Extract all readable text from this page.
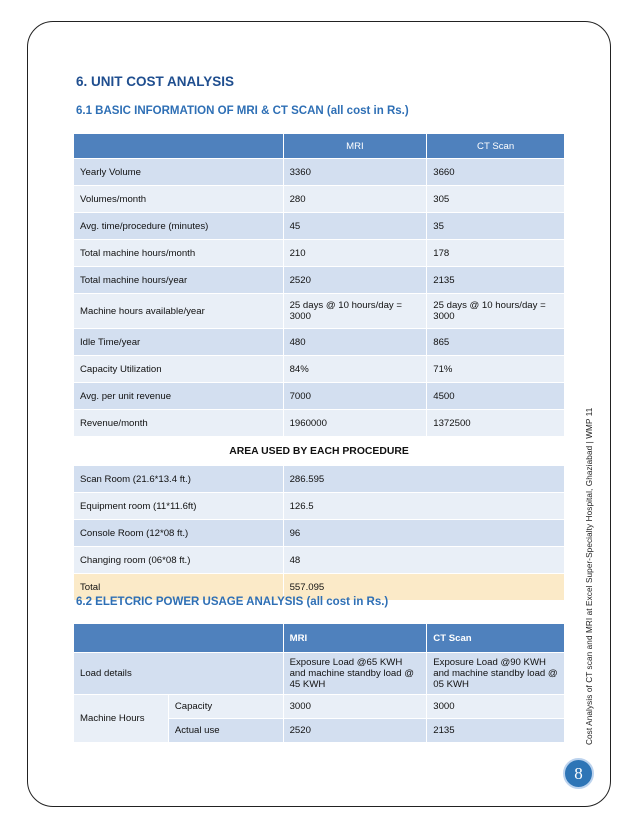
6. UNIT COST ANALYSIS
6.1 BASIC INFORMATION OF MRI & CT SCAN (all cost in Rs.)
	MRI	CT Scan
Yearly Volume	3360	3660
Volumes/month	280	305
Avg. time/procedure (minutes)	45	35
Total machine hours/month	210	178
Total machine hours/year	2520	2135
Machine hours available/year	25 days @ 10 hours/day = 3000	25 days @ 10 hours/day = 3000
Idle Time/year	480	865
Capacity Utilization	84%	71%
Avg. per unit revenue	7000	4500
Revenue/month	1960000	1372500
AREA USED BY EACH PROCEDURE		
Scan Room (21.6*13.4 ft.)	286.595	
Equipment room (11*11.6ft)	126.5	
Console Room (12*08 ft.)	96	
Changing room (06*08 ft.)	48	
Total	557.095	
6.2 ELETCRIC POWER USAGE ANALYSIS (all cost in Rs.)
		MRI	CT Scan
Load details		Exposure Load @65 KWH and machine standby load @ 45 KWH	Exposure Load @90 KWH and machine standby load @ 05 KWH
Machine Hours	Capacity	3000	3000
	Actual use	2520	2135	Cost Analysis of CT scan and MRI at Excel Super-Specialty Hospital, Ghaziabad | WMP 11
8
